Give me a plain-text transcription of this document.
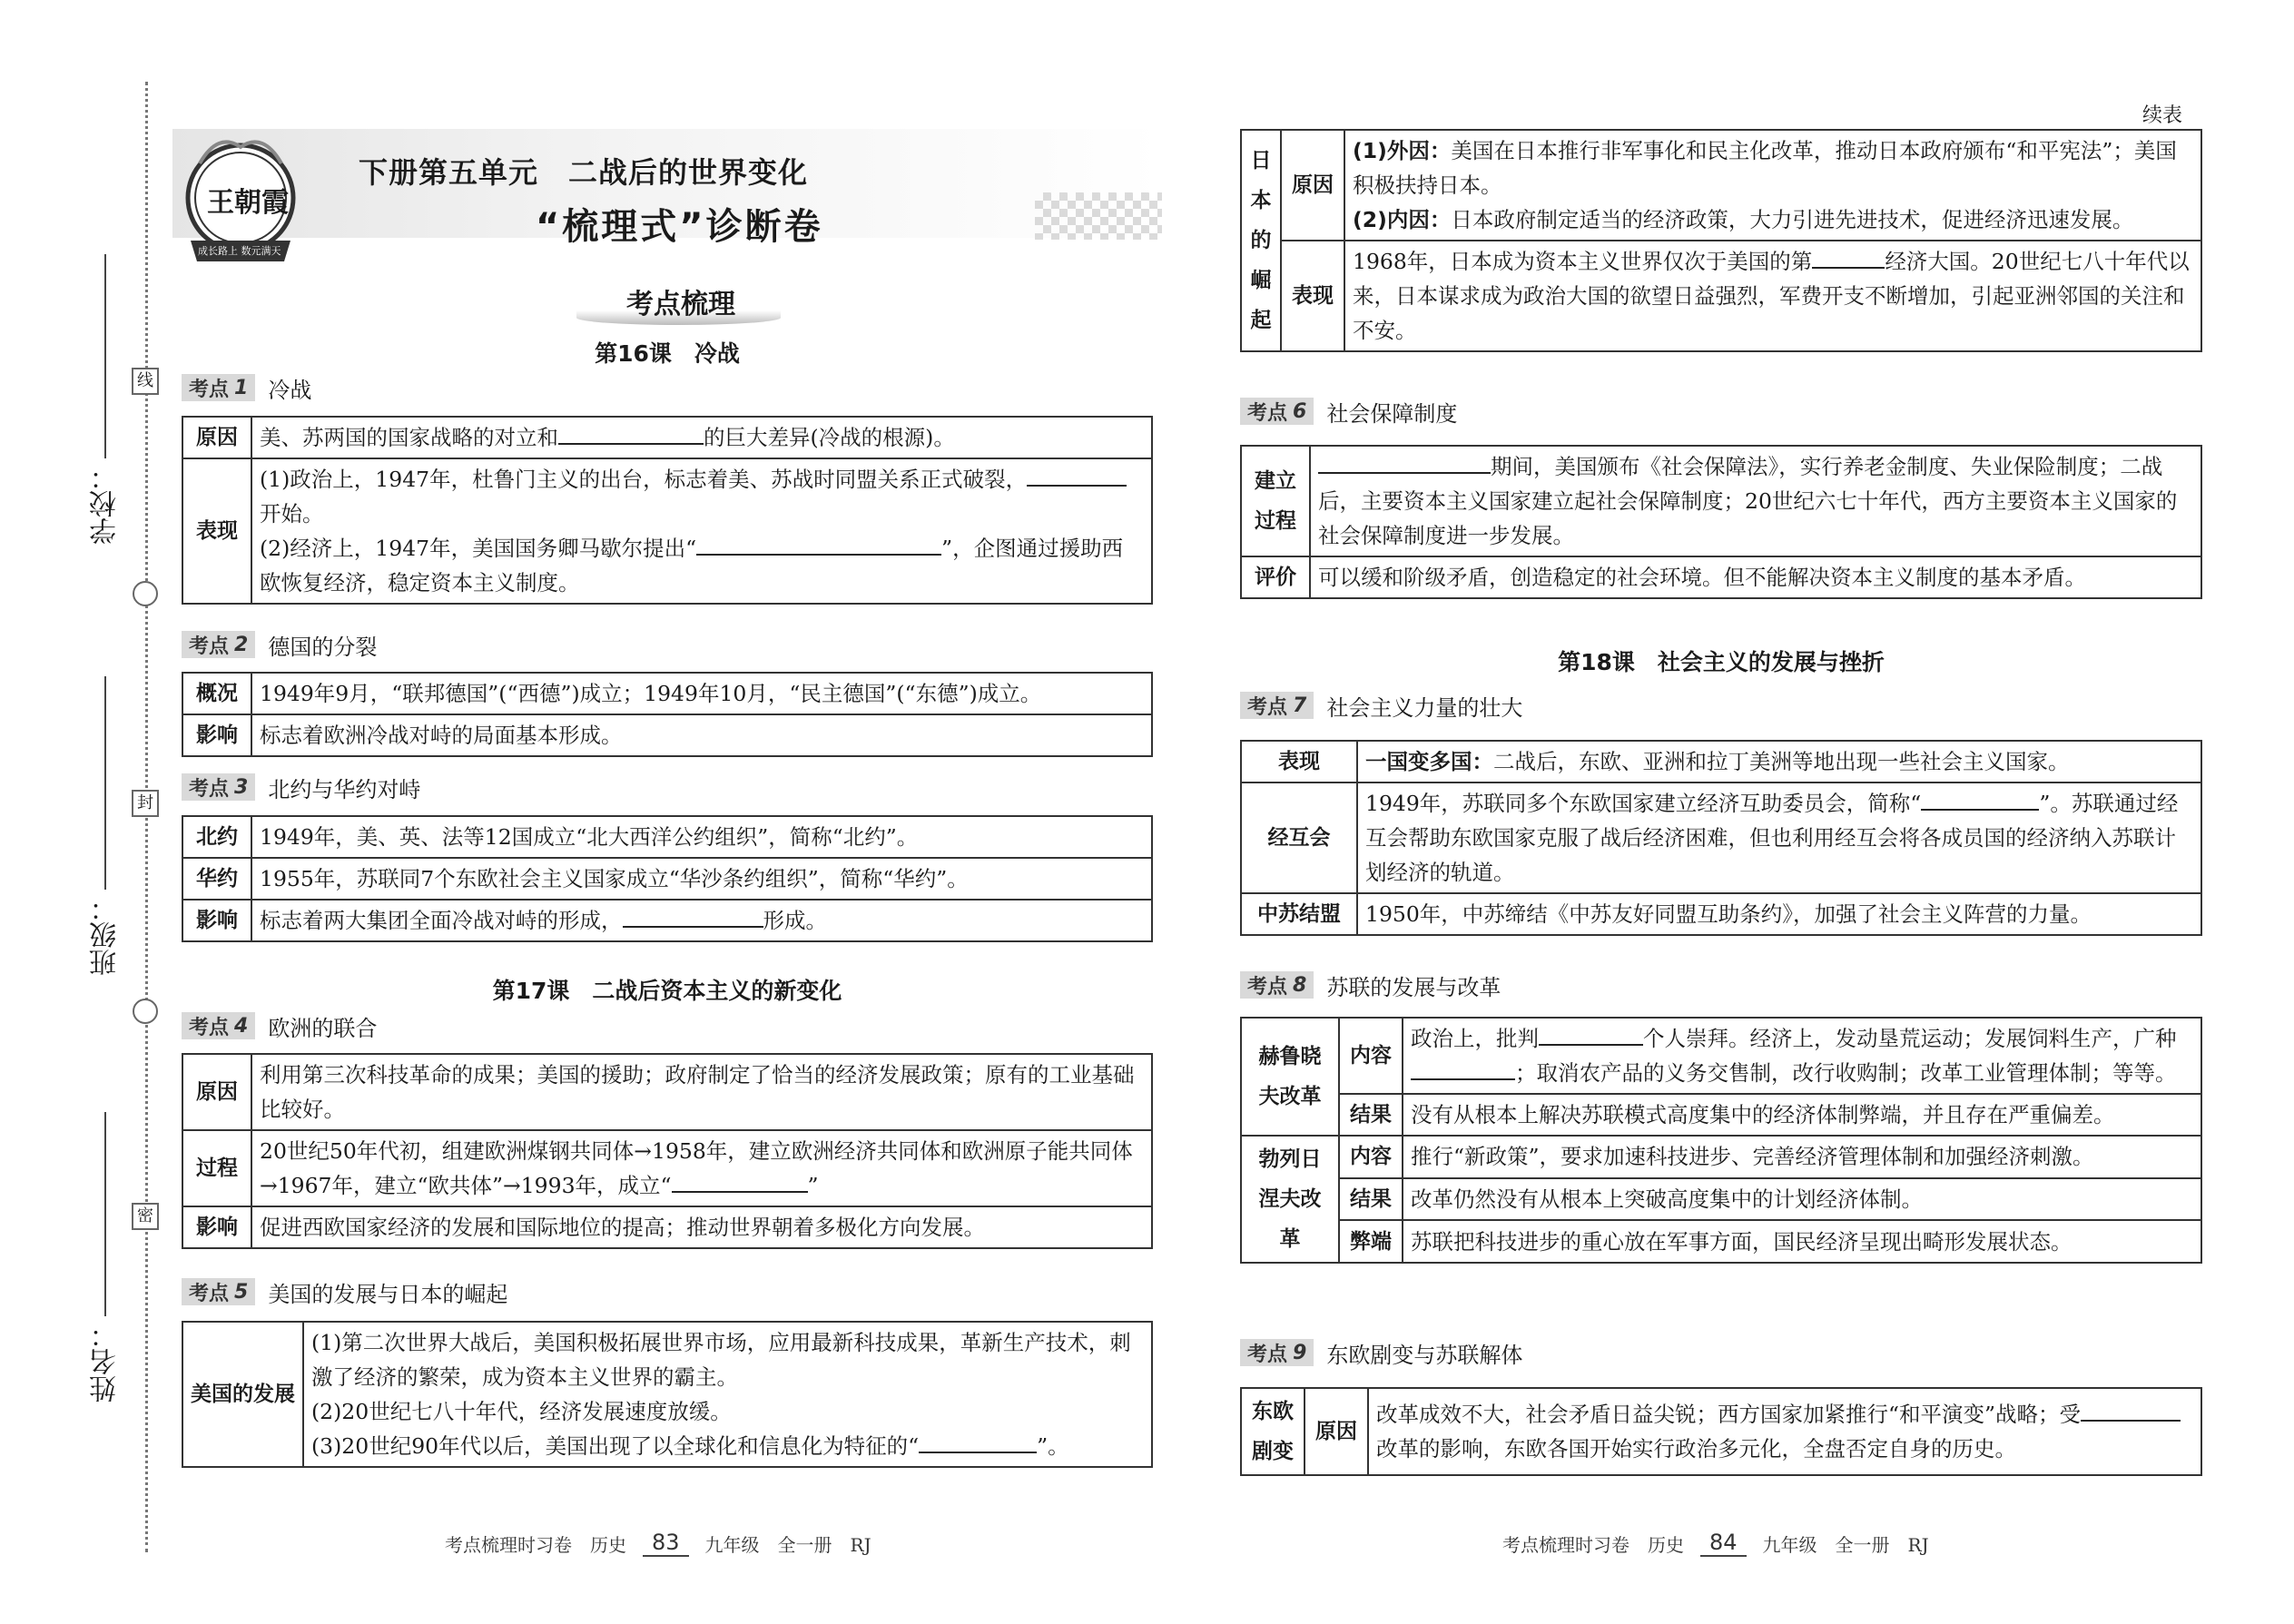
学校：
班级：
姓名：
线
封
密
王朝霞
成长路上 数元满天
下册第五单元　二战后的世界变化
“梳理式”诊断卷
考点梳理
第16课　冷战
考点 1 冷战
原因	美、苏两国的国家战略的对立和 的巨大差异(冷战的根源)。
表现	(1)政治上，1947年，杜鲁门主义的出台，标志着美、苏战时同盟关系正式破裂，开始。
(2)经济上，1947年，美国国务卿马歇尔提出“ ”，企图通过援助西欧恢复经济，稳定资本主义制度。
考点 2 德国的分裂
概况	1949年9月，“联邦德国”(“西德”)成立；1949年10月，“民主德国”(“东德”)成立。
影响	标志着欧洲冷战对峙的局面基本形成。
考点 3 北约与华约对峙
北约	1949年，美、英、法等12国成立“北大西洋公约组织”，简称“北约”。
华约	1955年，苏联同7个东欧社会主义国家成立“华沙条约组织”，简称“华约”。
影响	标志着两大集团全面冷战对峙的形成， 形成。
第17课　二战后资本主义的新变化
考点 4 欧洲的联合
原因	利用第三次科技革命的成果；美国的援助；政府制定了恰当的经济发展政策；原有的工业基础比较好。
过程	20世纪50年代初，组建欧洲煤钢共同体→1958年，建立欧洲经济共同体和欧洲原子能共同体→1967年，建立“欧共体”→1993年，成立“ ”
影响	促进西欧国家经济的发展和国际地位的提高；推动世界朝着多极化方向发展。
考点 5 美国的发展与日本的崛起
美国的发展	(1)第二次世界大战后，美国积极拓展世界市场，应用最新科技成果，革新生产技术，刺激了经济的繁荣，成为资本主义世界的霸主。
(2)20世纪七八十年代，经济发展速度放缓。
(3)20世纪90年代以后，美国出现了以全球化和信息化为特征的“	”。
考点梳理时习卷　历史	83	九年级　全一册　RJ
续表
日本的崛起	原因	(1)外因：美国在日本推行非军事化和民主化改革，推动日本政府颁布“和平宪法”；美国积极扶持日本。
(2)内因：日本政府制定适当的经济政策，大力引进先进技术，促进经济迅速发展。
	表现	1968年，日本成为资本主义世界仅次于美国的第 经济大国。20世纪七八十年代以来，日本谋求成为政治大国的欲望日益强烈，军费开支不断增加，引起亚洲邻国的关注和不安。
考点 6 社会保障制度
建立过程	期间，美国颁布《社会保障法》，实行养老金制度、失业保险制度；二战后，主要资本主义国家建立起社会保障制度；20世纪六七十年代，西方主要资本主义国家的社会保障制度进一步发展。
评价	可以缓和阶级矛盾，创造稳定的社会环境。但不能解决资本主义制度的基本矛盾。
第18课　社会主义的发展与挫折
考点 7 社会主义力量的壮大
表现	一国变多国：二战后，东欧、亚洲和拉丁美洲等地出现一些社会主义国家。
经互会	1949年，苏联同多个东欧国家建立经济互助委员会，简称“ ”。苏联通过经互会帮助东欧国家克服了战后经济困难，但也利用经互会将各成员国的经济纳入苏联计划经济的轨道。
中苏结盟	1950年，中苏缔结《中苏友好同盟互助条约》，加强了社会主义阵营的力量。
考点 8 苏联的发展与改革
赫鲁晓夫改革	内容	政治上，批判 个人崇拜。经济上，发动垦荒运动；发展饲料生产，广种；取消农产品的义务交售制，改行收购制；改革工业管理体制；等等。
	结果	没有从根本上解决苏联模式高度集中的经济体制弊端，并且存在严重偏差。
勃列日涅夫改革	内容	推行“新政策”，要求加速科技进步、完善经济管理体制和加强经济刺激。
	结果	改革仍然没有从根本上突破高度集中的计划经济体制。
	弊端	苏联把科技进步的重心放在军事方面，国民经济呈现出畸形发展状态。
考点 9 东欧剧变与苏联解体
东欧剧变	原因	改革成效不大，社会矛盾日益尖锐；西方国家加紧推行“和平演变”战略；受改革的影响，东欧各国开始实行政治多元化，全盘否定自身的历史。
考点梳理时习卷　历史	84	九年级　全一册　RJ
